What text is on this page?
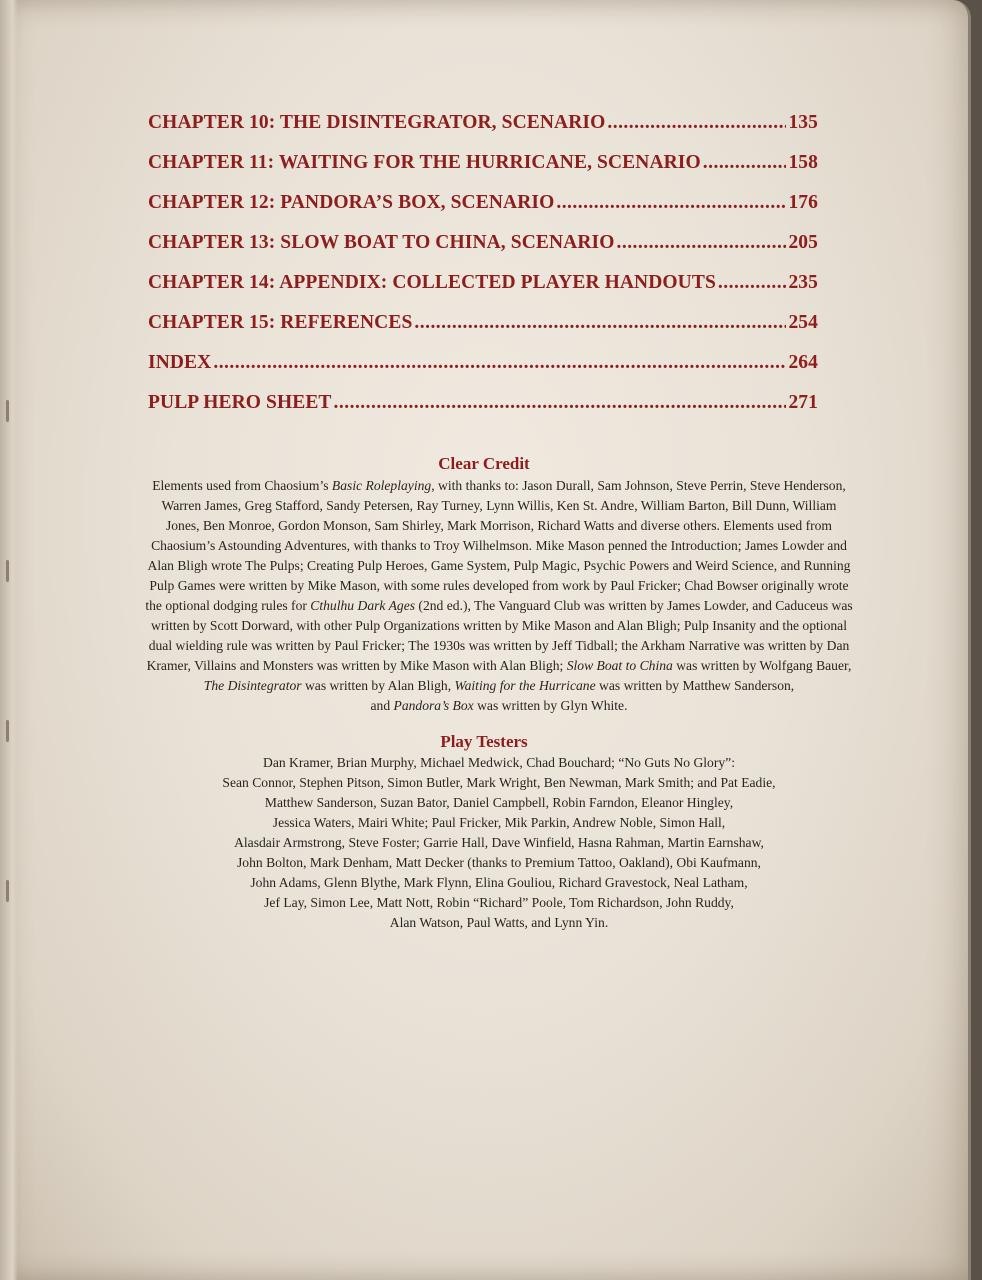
CHAPTER 10: THE DISINTEGRATOR, SCENARIO . . .	135
CHAPTER 11: WAITING FOR THE HURRICANE, SCENARIO . . .	158
CHAPTER 12: PANDORA’S BOX, SCENARIO . . .	176
CHAPTER 13: SLOW BOAT TO CHINA, SCENARIO . . .	205
CHAPTER 14: APPENDIX: COLLECTED PLAYER HANDOUTS . . .	235
CHAPTER 15: REFERENCES . . .	254
INDEX . . .	264
PULP HERO SHEET . . .	271
Clear Credit
Elements used from Chaosium’s Basic Roleplaying, with thanks to: Jason Durall, Sam Johnson, Steve Perrin, Steve Henderson,
Warren James, Greg Stafford, Sandy Petersen, Ray Turney, Lynn Willis, Ken St. Andre, William Barton, Bill Dunn, William
Jones, Ben Monroe, Gordon Monson, Sam Shirley, Mark Morrison, Richard Watts and diverse others. Elements used from
Chaosium’s Astounding Adventures, with thanks to Troy Wilhelmson. Mike Mason penned the Introduction; James Lowder and
Alan Bligh wrote The Pulps; Creating Pulp Heroes, Game System, Pulp Magic, Psychic Powers and Weird Science, and Running
Pulp Games were written by Mike Mason, with some rules developed from work by Paul Fricker; Chad Bowser originally wrote
the optional dodging rules for Cthulhu Dark Ages (2nd ed.), The Vanguard Club was written by James Lowder, and Caduceus was
written by Scott Dorward, with other Pulp Organizations written by Mike Mason and Alan Bligh; Pulp Insanity and the optional
dual wielding rule was written by Paul Fricker; The 1930s was written by Jeff Tidball; the Arkham Narrative was written by Dan
Kramer, Villains and Monsters was written by Mike Mason with Alan Bligh; Slow Boat to China was written by Wolfgang Bauer,
The Disintegrator was written by Alan Bligh, Waiting for the Hurricane was written by Matthew Sanderson,
and Pandora’s Box was written by Glyn White.
Play Testers
Dan Kramer, Brian Murphy, Michael Medwick, Chad Bouchard; “No Guts No Glory”:
Sean Connor, Stephen Pitson, Simon Butler, Mark Wright, Ben Newman, Mark Smith; and Pat Eadie,
Matthew Sanderson, Suzan Bator, Daniel Campbell, Robin Farndon, Eleanor Hingley,
Jessica Waters, Mairi White; Paul Fricker, Mik Parkin, Andrew Noble, Simon Hall,
Alasdair Armstrong, Steve Foster; Garrie Hall, Dave Winfield, Hasna Rahman, Martin Earnshaw,
John Bolton, Mark Denham, Matt Decker (thanks to Premium Tattoo, Oakland), Obi Kaufmann,
John Adams, Glenn Blythe, Mark Flynn, Elina Gouliou, Richard Gravestock, Neal Latham,
Jef Lay, Simon Lee, Matt Nott, Robin “Richard” Poole, Tom Richardson, John Ruddy,
Alan Watson, Paul Watts, and Lynn Yin.
